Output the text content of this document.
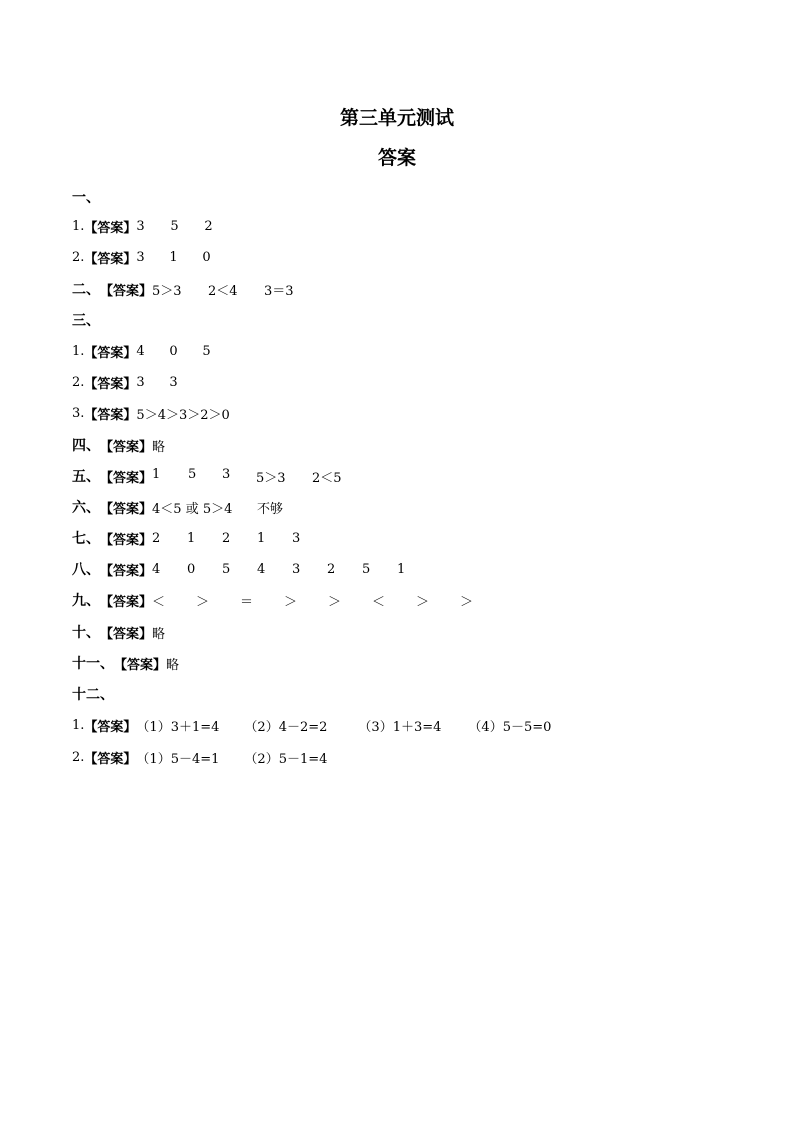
第三单元测试
答案
一、
1. 【答案】 3	5	2
2. 【答案】 3	1	0
二、 【答案】 5＞3	2＜4	3＝3
三、
1. 【答案】 4	0	5
2. 【答案】 3	3
3. 【答案】 5＞4＞3＞2＞0
四、 【答案】 略
五、 【答案】 1	5	3	5＞3	2＜5
六、 【答案】 4＜5 或 5＞4	不够
七、 【答案】 2	1	2	1	3
八、 【答案】 4	0	5	4	3	2	5	1
九、 【答案】 ＜	＞	＝	＞	＞	＜	＞	＞
十、 【答案】 略
十一、 【答案】 略
十二、
1. 【答案】 （1）3＋1=4	（2）4－2=2	（3）1＋3=4	（4）5－5=0
2. 【答案】 （1）5－4=1	（2）5－1=4
